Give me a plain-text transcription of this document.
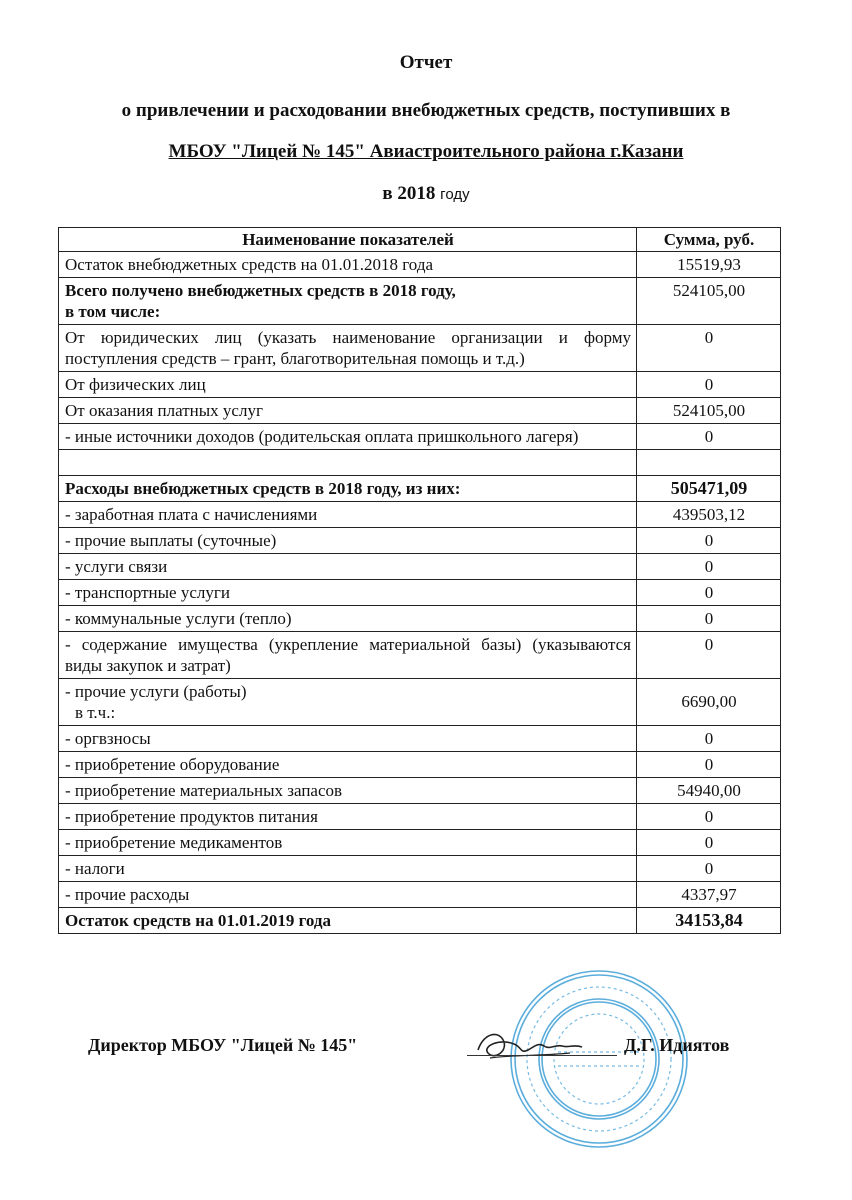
Отчет
о привлечении и расходовании внебюджетных средств, поступивших в
МБОУ "Лицей № 145" Авиастроительного района г.Казани
в 2018 году
Наименование показателей	Сумма, руб.
Остаток внебюджетных средств на 01.01.2018 года	15519,93
Всего получено внебюджетных средств в 2018 году,
в том числе:	524105,00
От юридических лиц (указать наименование организации и форму поступления средств – грант, благотворительная помощь и т.д.)	0
От физических лиц	0
От оказания платных услуг	524105,00
- иные источники доходов (родительская оплата пришкольного лагеря)	0

Расходы внебюджетных средств в 2018 году, из них:	505471,09
- заработная плата с начислениями	439503,12
- прочие выплаты (суточные)	0
- услуги связи	0
- транспортные услуги	0
- коммунальные услуги (тепло)	0
- содержание имущества (укрепление материальной базы) (указываются виды закупок и затрат)	0
- прочие услуги (работы)
в т.ч.:	6690,00
- оргвзносы	0
- приобретение оборудование	0
- приобретение материальных запасов	54940,00
- приобретение продуктов питания	0
- приобретение медикаментов	0
- налоги	0
- прочие расходы	4337,97
Остаток средств на 01.01.2019 года	34153,84
Директор МБОУ "Лицей № 145"	Д.Г. Идиятов
